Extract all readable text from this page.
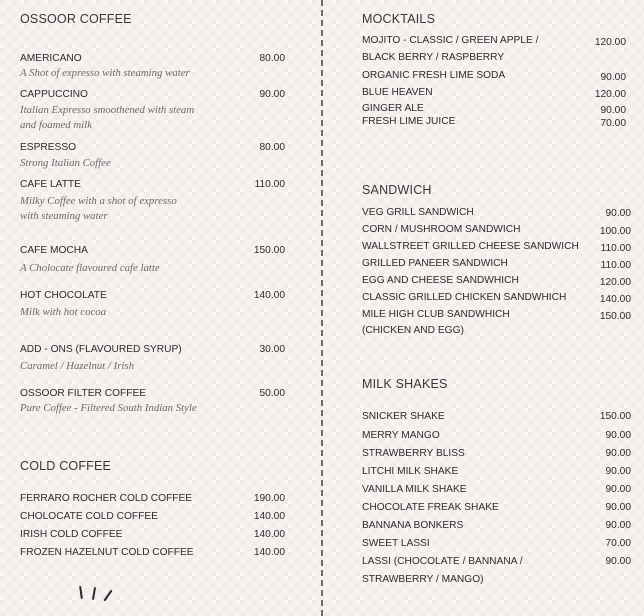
OSSOOR COFFEE
AMERICANO	80.00
A Shot of expresso with steaming water
CAPPUCCINO	90.00
Italian Expresso smoothened with steam and foamed milk
ESPRESSO	80.00
Strong Italian Coffee
CAFE LATTE	110.00
Milky Coffee with a shot of expresso with steaming water
CAFE MOCHA	150.00
A Cholocate flavoured cafe latte
HOT CHOCOLATE	140.00
Milk with hot cocoa
ADD - ONS (FLAVOURED SYRUP)	30.00
Caramel / Hazelnut / Irish
OSSOOR FILTER COFFEE	50.00
Pure Coffee - Filtered South Indian Style
COLD COFFEE
FERRARO ROCHER COLD COFFEE	190.00
CHOLOCATE COLD COFFEE	140.00
IRISH COLD COFFEE	140.00
FROZEN HAZELNUT COLD COFFEE	140.00
MOCKTAILS
MOJITO - CLASSIC / GREEN APPLE /	120.00
BLACK BERRY / RASPBERRY
ORGANIC FRESH LIME SODA	90.00
BLUE HEAVEN	120.00
GINGER ALE	90.00
FRESH LIME JUICE	70.00
SANDWICH
VEG GRILL SANDWICH	90.00
CORN / MUSHROOM SANDWICH	100.00
WALLSTREET GRILLED CHEESE SANDWICH	110.00
GRILLED PANEER SANDWICH	110.00
EGG AND CHEESE SANDWHICH	120.00
CLASSIC GRILLED CHICKEN SANDWHICH	140.00
MILE HIGH CLUB SANDWHICH	150.00
(CHICKEN AND EGG)
MILK SHAKES
SNICKER SHAKE	150.00
MERRY MANGO	90.00
STRAWBERRY BLISS	90.00
LITCHI MILK SHAKE	90.00
VANILLA MILK SHAKE	90.00
CHOCOLATE FREAK SHAKE	90.00
BANNANA BONKERS	90.00
SWEET LASSI	70.00
LASSI (CHOCOLATE / BANNANA /	90.00
STRAWBERRY / MANGO)
